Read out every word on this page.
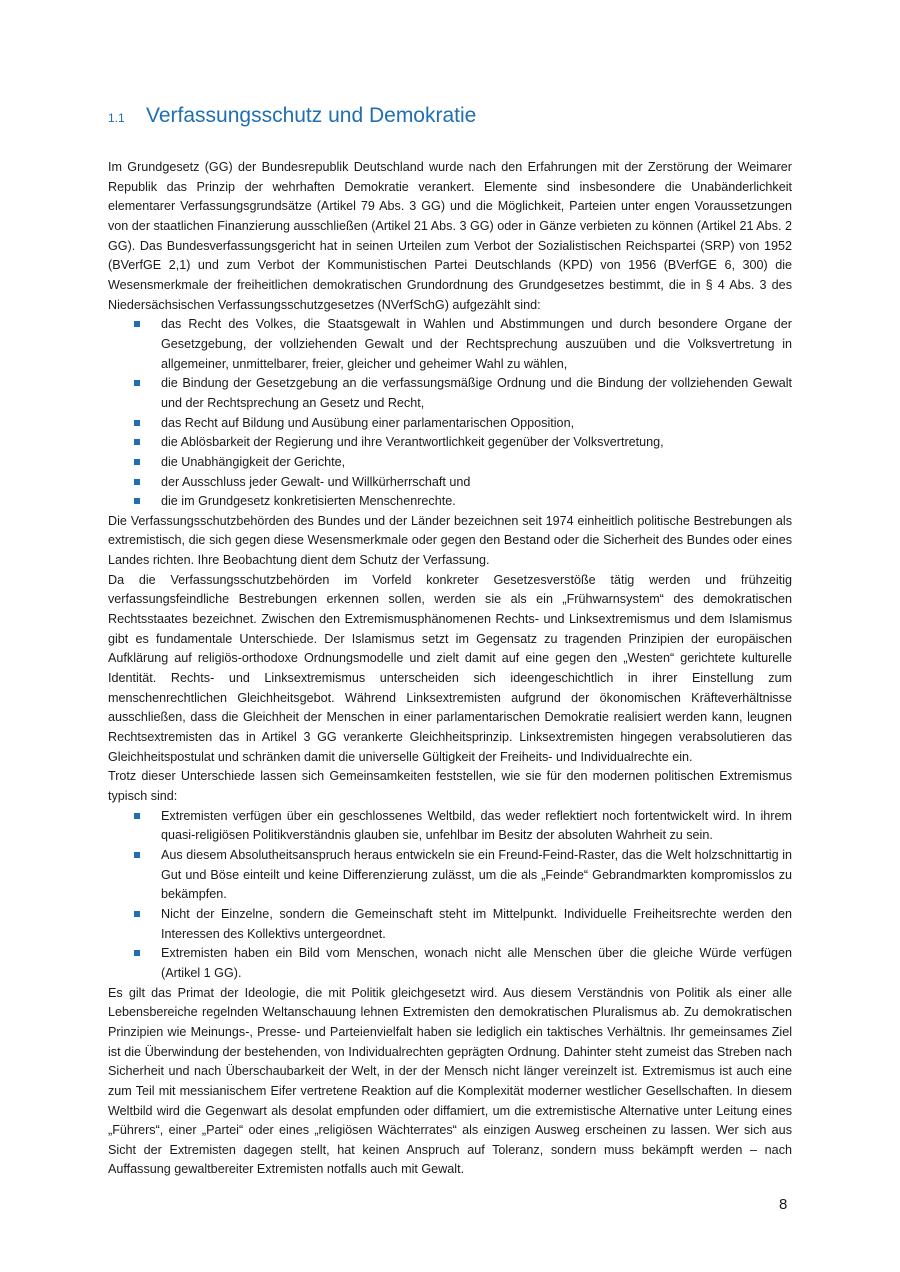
1.1	Verfassungsschutz und Demokratie

Im Grundgesetz (GG) der Bundesrepublik Deutschland wurde nach den Erfahrungen mit der Zerstörung der Weimarer Republik das Prinzip der wehrhaften Demokratie verankert. Elemente sind insbesondere die Unabänderlichkeit elementarer Verfassungsgrundsätze (Artikel 79 Abs. 3 GG) und die Möglichkeit, Parteien unter engen Voraussetzungen von der staatlichen Finanzierung ausschließen (Artikel 21 Abs. 3 GG) oder in Gänze verbieten zu können (Artikel 21 Abs. 2 GG). Das Bundesverfassungsgericht hat in seinen Urteilen zum Verbot der Sozialistischen Reichspartei (SRP) von 1952 (BVerfGE 2,1) und zum Verbot der Kommunistischen Partei Deutschlands (KPD) von 1956 (BVerfGE 6, 300) die Wesensmerkmale der freiheitlichen demokratischen Grundordnung des Grundgesetzes bestimmt, die in § 4 Abs. 3 des Niedersächsischen Verfassungsschutzgesetzes (NVerfSchG) aufgezählt sind:

das Recht des Volkes, die Staatsgewalt in Wahlen und Abstimmungen und durch besondere Organe der Gesetzgebung, der vollziehenden Gewalt und der Rechtsprechung auszuüben und die Volksvertretung in allgemeiner, unmittelbarer, freier, gleicher und geheimer Wahl zu wählen,
die Bindung der Gesetzgebung an die verfassungsmäßige Ordnung und die Bindung der vollziehenden Gewalt und der Rechtsprechung an Gesetz und Recht,
das Recht auf Bildung und Ausübung einer parlamentarischen Opposition,
die Ablösbarkeit der Regierung und ihre Verantwortlichkeit gegenüber der Volksvertretung,
die Unabhängigkeit der Gerichte,
der Ausschluss jeder Gewalt- und Willkürherrschaft und
die im Grundgesetz konkretisierten Menschenrechte.

Die Verfassungsschutzbehörden des Bundes und der Länder bezeichnen seit 1974 einheitlich politische Bestrebungen als extremistisch, die sich gegen diese Wesensmerkmale oder gegen den Bestand oder die Sicherheit des Bundes oder eines Landes richten. Ihre Beobachtung dient dem Schutz der Verfassung.

Da die Verfassungsschutzbehörden im Vorfeld konkreter Gesetzesverstöße tätig werden und frühzeitig verfassungsfeindliche Bestrebungen erkennen sollen, werden sie als ein „Frühwarnsystem“ des demokratischen Rechtsstaates bezeichnet. Zwischen den Extremismusphänomenen Rechts- und Linksextremismus und dem Islamismus gibt es fundamentale Unterschiede. Der Islamismus setzt im Gegensatz zu tragenden Prinzipien der europäischen Aufklärung auf religiös-orthodoxe Ordnungsmodelle und zielt damit auf eine gegen den „Westen“ gerichtete kulturelle Identität. Rechts- und Linksextremismus unterscheiden sich ideengeschichtlich in ihrer Einstellung zum menschenrechtlichen Gleichheitsgebot. Während Linksextremisten aufgrund der ökonomischen Kräfteverhältnisse ausschließen, dass die Gleichheit der Menschen in einer parlamentarischen Demokratie realisiert werden kann, leugnen Rechtsextremisten das in Artikel 3 GG verankerte Gleichheitsprinzip. Linksextremisten hingegen verabsolutieren das Gleichheitspostulat und schränken damit die universelle Gültigkeit der Freiheits- und Individualrechte ein.

Trotz dieser Unterschiede lassen sich Gemeinsamkeiten feststellen, wie sie für den modernen politischen Extremismus typisch sind:

Extremisten verfügen über ein geschlossenes Weltbild, das weder reflektiert noch fortentwickelt wird. In ihrem quasi-religiösen Politikverständnis glauben sie, unfehlbar im Besitz der absoluten Wahrheit zu sein.
Aus diesem Absolutheitsanspruch heraus entwickeln sie ein Freund-Feind-Raster, das die Welt holzschnittartig in Gut und Böse einteilt und keine Differenzierung zulässt, um die als „Feinde“ Gebrandmarkten kompromisslos zu bekämpfen.
Nicht der Einzelne, sondern die Gemeinschaft steht im Mittelpunkt. Individuelle Freiheitsrechte werden den Interessen des Kollektivs untergeordnet.
Extremisten haben ein Bild vom Menschen, wonach nicht alle Menschen über die gleiche Würde verfügen (Artikel 1 GG).

Es gilt das Primat der Ideologie, die mit Politik gleichgesetzt wird. Aus diesem Verständnis von Politik als einer alle Lebensbereiche regelnden Weltanschauung lehnen Extremisten den demokratischen Pluralismus ab. Zu demokratischen Prinzipien wie Meinungs-, Presse- und Parteienvielfalt haben sie lediglich ein taktisches Verhältnis. Ihr gemeinsames Ziel ist die Überwindung der bestehenden, von Individualrechten geprägten Ordnung. Dahinter steht zumeist das Streben nach Sicherheit und nach Überschaubarkeit der Welt, in der der Mensch nicht länger vereinzelt ist. Extremismus ist auch eine zum Teil mit messianischem Eifer vertretene Reaktion auf die Komplexität moderner westlicher Gesellschaften. In diesem Weltbild wird die Gegenwart als desolat empfunden oder diffamiert, um die extremistische Alternative unter Leitung eines „Führers“, einer „Partei“ oder eines „religiösen Wächterrates“ als einzigen Ausweg erscheinen zu lassen. Wer sich aus Sicht der Extremisten dagegen stellt, hat keinen Anspruch auf Toleranz, sondern muss bekämpft werden – nach Auffassung gewaltbereiter Extremisten notfalls auch mit Gewalt.

8
